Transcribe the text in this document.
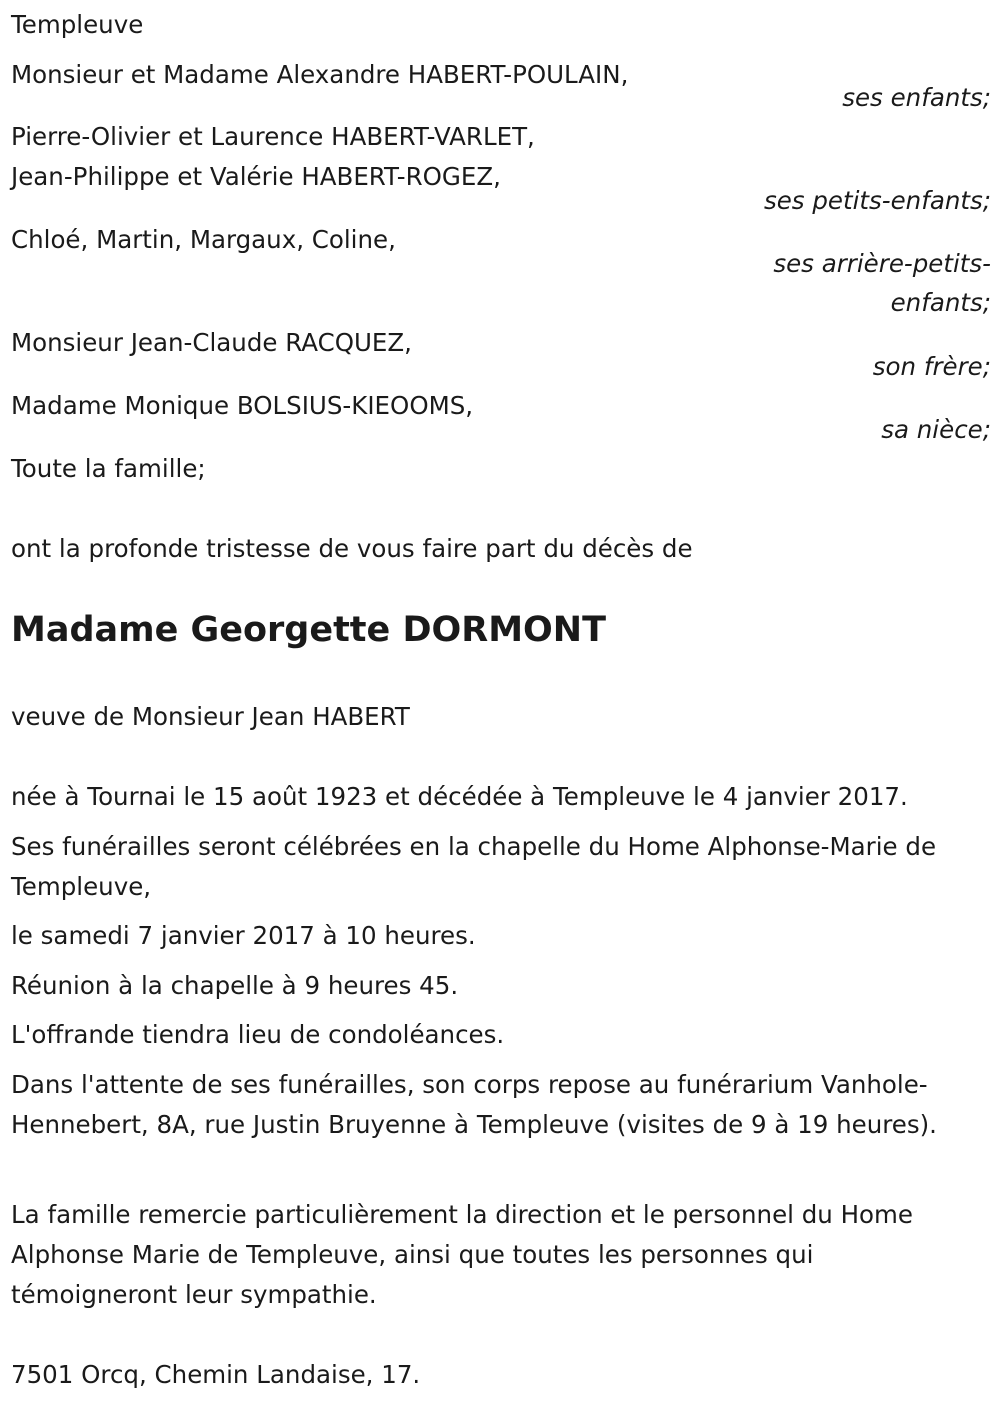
Templeuve
Monsieur et Madame Alexandre HABERT-POULAIN,
ses enfants;
Pierre-Olivier et Laurence HABERT-VARLET,
Jean-Philippe et Valérie HABERT-ROGEZ,
ses petits-enfants;
Chloé, Martin, Margaux, Coline,
ses arrière-petits-
enfants;
Monsieur Jean-Claude RACQUEZ,
son frère;
Madame Monique BOLSIUS-KIEOOMS,
sa nièce;
Toute la famille;
ont la profonde tristesse de vous faire part du décès de
Madame Georgette DORMONT
veuve de Monsieur Jean HABERT
née à Tournai le 15 août 1923 et décédée à Templeuve le 4 janvier 2017.
Ses funérailles seront célébrées en la chapelle du Home Alphonse-Marie de Templeuve,
le samedi 7 janvier 2017 à 10 heures.
Réunion à la chapelle à 9 heures 45.
L'offrande tiendra lieu de condoléances.
Dans l'attente de ses funérailles, son corps repose au funérarium Vanhole-Hennebert, 8A, rue Justin Bruyenne à Templeuve (visites de 9 à 19 heures).
La famille remercie particulièrement la direction et le personnel du Home Alphonse Marie de Templeuve, ainsi que toutes les personnes qui témoigneront leur sympathie.
7501 Orcq, Chemin Landaise, 17.
